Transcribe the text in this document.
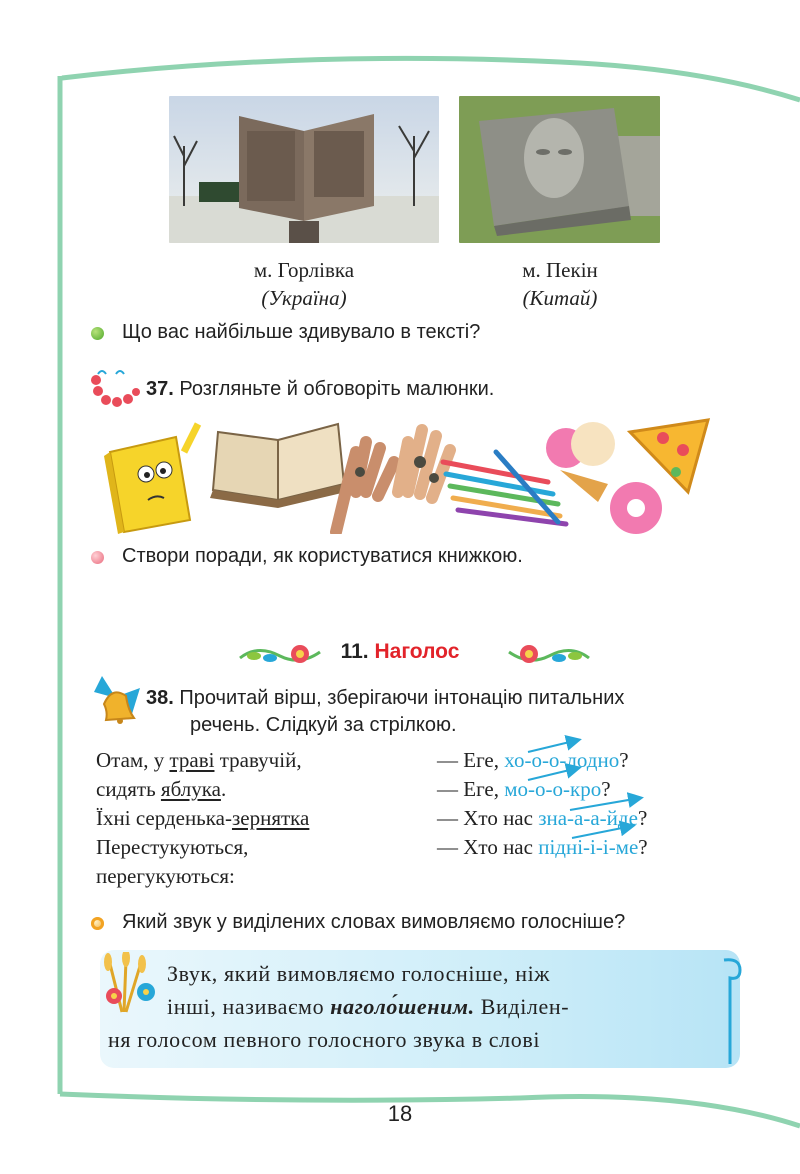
м. Горлівка
(Україна)
м. Пекін
(Китай)
Що вас найбільше здивувало в тексті?
37. Розгляньте й обговоріть малюнки.
Створи поради, як користуватися книжкою.
11. Наголос
38. Прочитай вірш, зберігаючи інтонацію питальних
речень. Слідкуй за стрілкою.
Отам, у траві травучій,
сидять яблука.
Їхні серденька-зернятка
Перестукуються,
перегукуються:
— Еге, хо-о-о-лодно?
— Еге, мо-о-о-кро?
— Хто нас зна-а-а-йде?
— Хто нас підні-і-і-ме?
Який звук у виділених словах вимовляємо голосніше?
Звук, який вимовляємо голосніше, ніж
інші, називаємо наголо́шеним. Виділен-
ня голосом певного голосного звука в слові
18
